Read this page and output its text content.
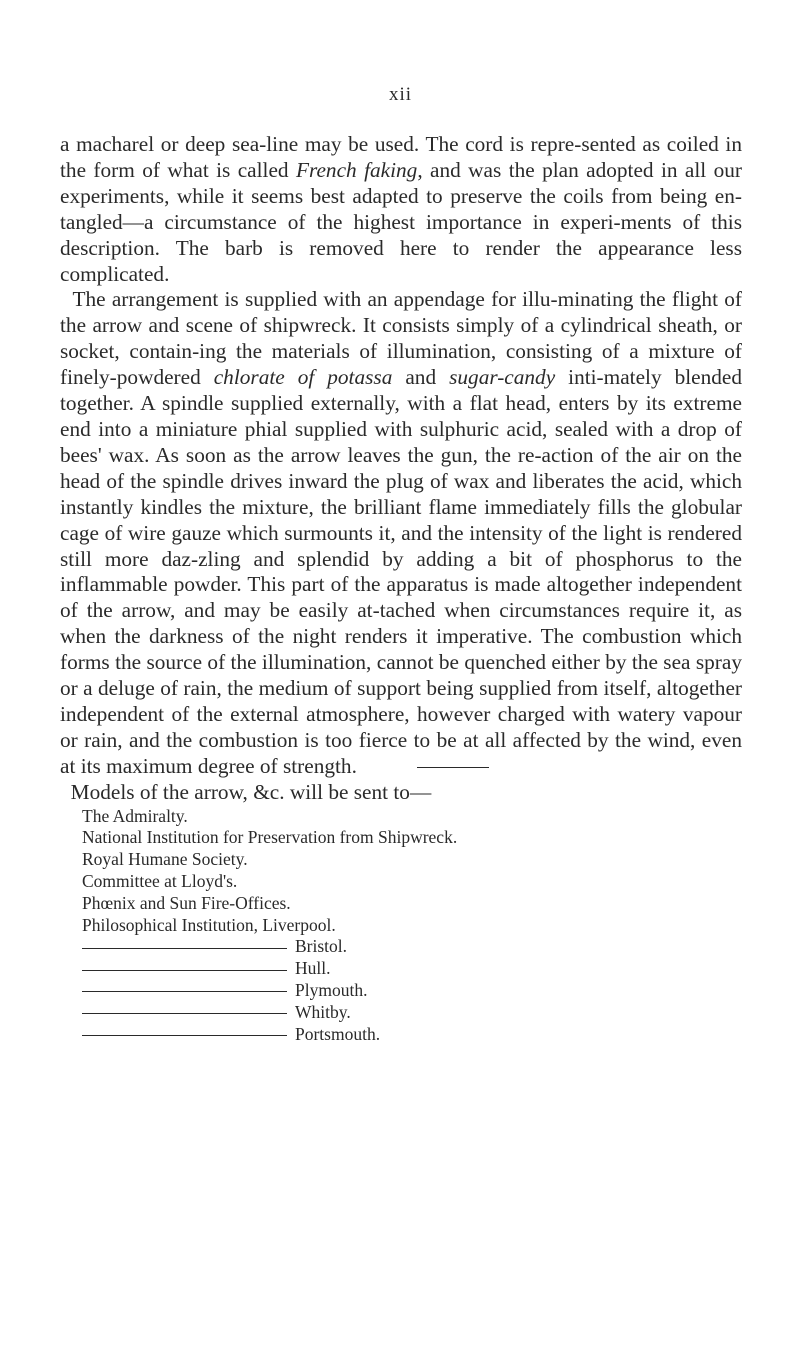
xii

a macharel or deep sea-line may be used. The cord is repre-sented as coiled in the form of what is called French faking, and was the plan adopted in all our experiments, while it seems best adapted to preserve the coils from being en-tangled—a circumstance of the highest importance in experi-ments of this description. The barb is removed here to render the appearance less complicated.

The arrangement is supplied with an appendage for illu-minating the flight of the arrow and scene of shipwreck. It consists simply of a cylindrical sheath, or socket, contain-ing the materials of illumination, consisting of a mixture of finely-powdered chlorate of potassa and sugar-candy inti-mately blended together. A spindle supplied externally, with a flat head, enters by its extreme end into a miniature phial supplied with sulphuric acid, sealed with a drop of bees' wax. As soon as the arrow leaves the gun, the re-action of the air on the head of the spindle drives inward the plug of wax and liberates the acid, which instantly kindles the mixture, the brilliant flame immediately fills the globular cage of wire gauze which surmounts it, and the intensity of the light is rendered still more daz-zling and splendid by adding a bit of phosphorus to the inflammable powder. This part of the apparatus is made altogether independent of the arrow, and may be easily at-tached when circumstances require it, as when the darkness of the night renders it imperative. The combustion which forms the source of the illumination, cannot be quenched either by the sea spray or a deluge of rain, the medium of support being supplied from itself, altogether independent of the external atmosphere, however charged with watery vapour or rain, and the combustion is too fierce to be at all affected by the wind, even at its maximum degree of strength.

Models of the arrow, &c. will be sent to—

The Admiralty.
National Institution for Preservation from Shipwreck.
Royal Humane Society.
Committee at Lloyd's.
Phœnix and Sun Fire-Offices.
Philosophical Institution, Liverpool.
Bristol.
Hull.
Plymouth.
Whitby.
Portsmouth.
